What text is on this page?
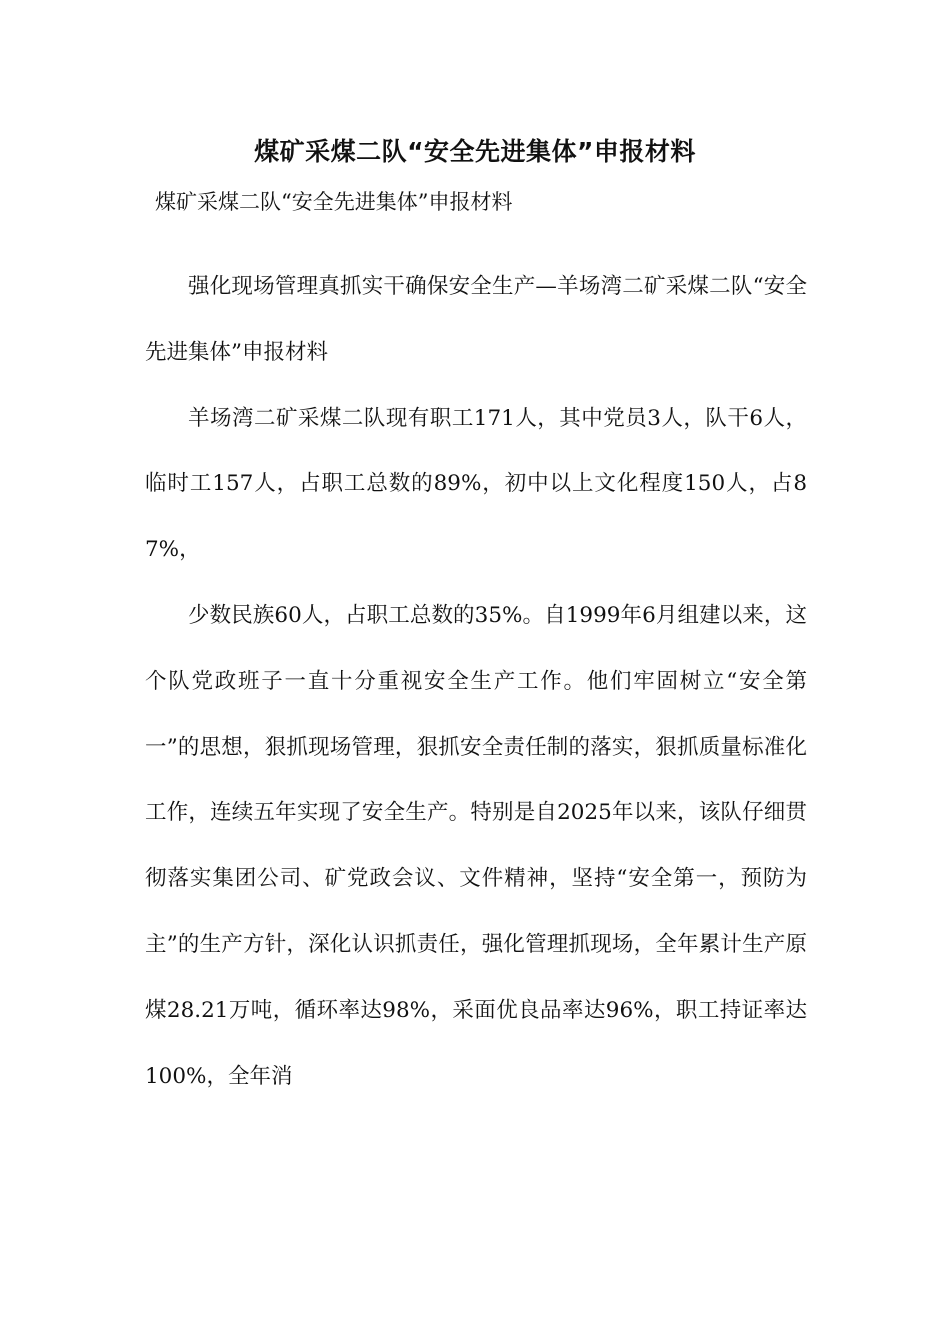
煤矿采煤二队“安全先进集体”申报材料

煤矿采煤二队“安全先进集体”申报材料

强化现场管理真抓实干确保安全生产—羊场湾二矿采煤二队“安全先进集体”申报材料

羊场湾二矿采煤二队现有职工171人，其中党员3人，队干6人，临时工157人，占职工总数的89%，初中以上文化程度150人，占87%，

少数民族60人，占职工总数的35%。自1999年6月组建以来，这个队党政班子一直十分重视安全生产工作。他们牢固树立“安全第一”的思想，狠抓现场管理，狠抓安全责任制的落实，狠抓质量标准化工作，连续五年实现了安全生产。特别是自2025年以来，该队仔细贯彻落实集团公司、矿党政会议、文件精神，坚持“安全第一，预防为主”的生产方针，深化认识抓责任，强化管理抓现场，全年累计生产原煤28.21万吨，循环率达98%，采面优良品率达96%，职工持证率达100%，全年消
